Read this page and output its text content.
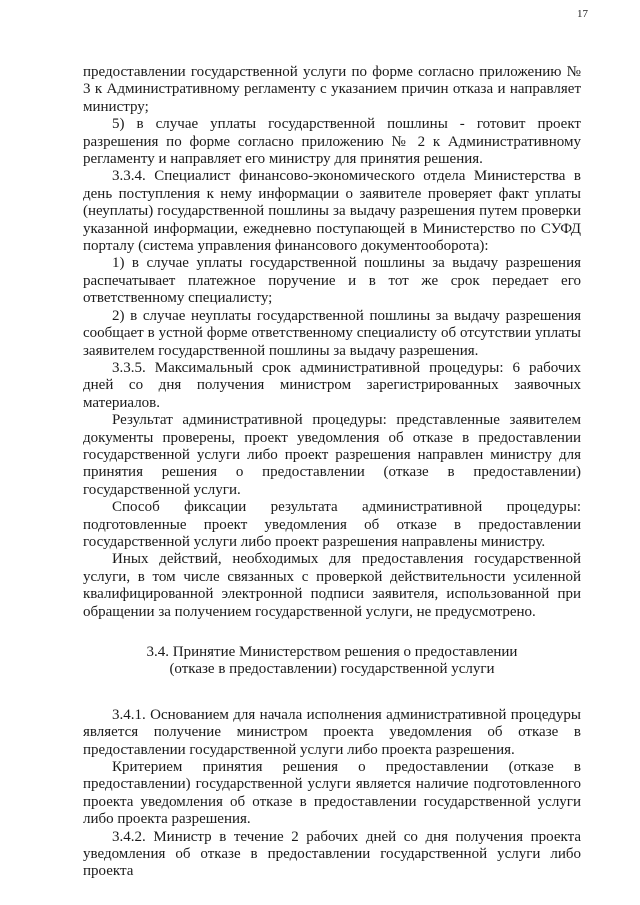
17

предоставлении государственной услуги по форме согласно приложению № 3 к Административному регламенту с указанием причин отказа и направляет министру;

5) в случае уплаты государственной пошлины - готовит проект разрешения по форме согласно приложению № 2 к Административному регламенту и направляет его министру для принятия решения.

3.3.4. Специалист финансово-экономического отдела Министерства в день поступления к нему информации о заявителе проверяет факт уплаты (неуплаты) государственной пошлины за выдачу разрешения путем проверки указанной информации, ежедневно поступающей в Министерство по СУФД порталу (система управления финансового документооборота):

1) в случае уплаты государственной пошлины за выдачу разрешения распечатывает платежное поручение и в тот же срок передает его ответственному специалисту;

2) в случае неуплаты государственной пошлины за выдачу разрешения сообщает в устной форме ответственному специалисту об отсутствии уплаты заявителем государственной пошлины за выдачу разрешения.

3.3.5. Максимальный срок административной процедуры: 6 рабочих дней со дня получения министром зарегистрированных заявочных материалов.

Результат административной процедуры: представленные заявителем документы проверены, проект уведомления об отказе в предоставлении государственной услуги либо проект разрешения направлен министру для принятия решения о предоставлении (отказе в предоставлении) государственной услуги.

Способ фиксации результата административной процедуры: подготовленные проект уведомления об отказе в предоставлении государственной услуги либо проект разрешения направлены министру.

Иных действий, необходимых для предоставления государственной услуги, в том числе связанных с проверкой действительности усиленной квалифицированной электронной подписи заявителя, использованной при обращении за получением государственной услуги, не предусмотрено.

3.4. Принятие Министерством решения о предоставлении
(отказе в предоставлении) государственной услуги

3.4.1. Основанием для начала исполнения административной процедуры является получение министром проекта уведомления об отказе в предоставлении государственной услуги либо проекта разрешения.

Критерием принятия решения о предоставлении (отказе в предоставлении) государственной услуги является наличие подготовленного проекта уведомления об отказе в предоставлении государственной услуги либо проекта разрешения.

3.4.2. Министр в течение 2 рабочих дней со дня получения проекта уведомления об отказе в предоставлении государственной услуги либо проекта
